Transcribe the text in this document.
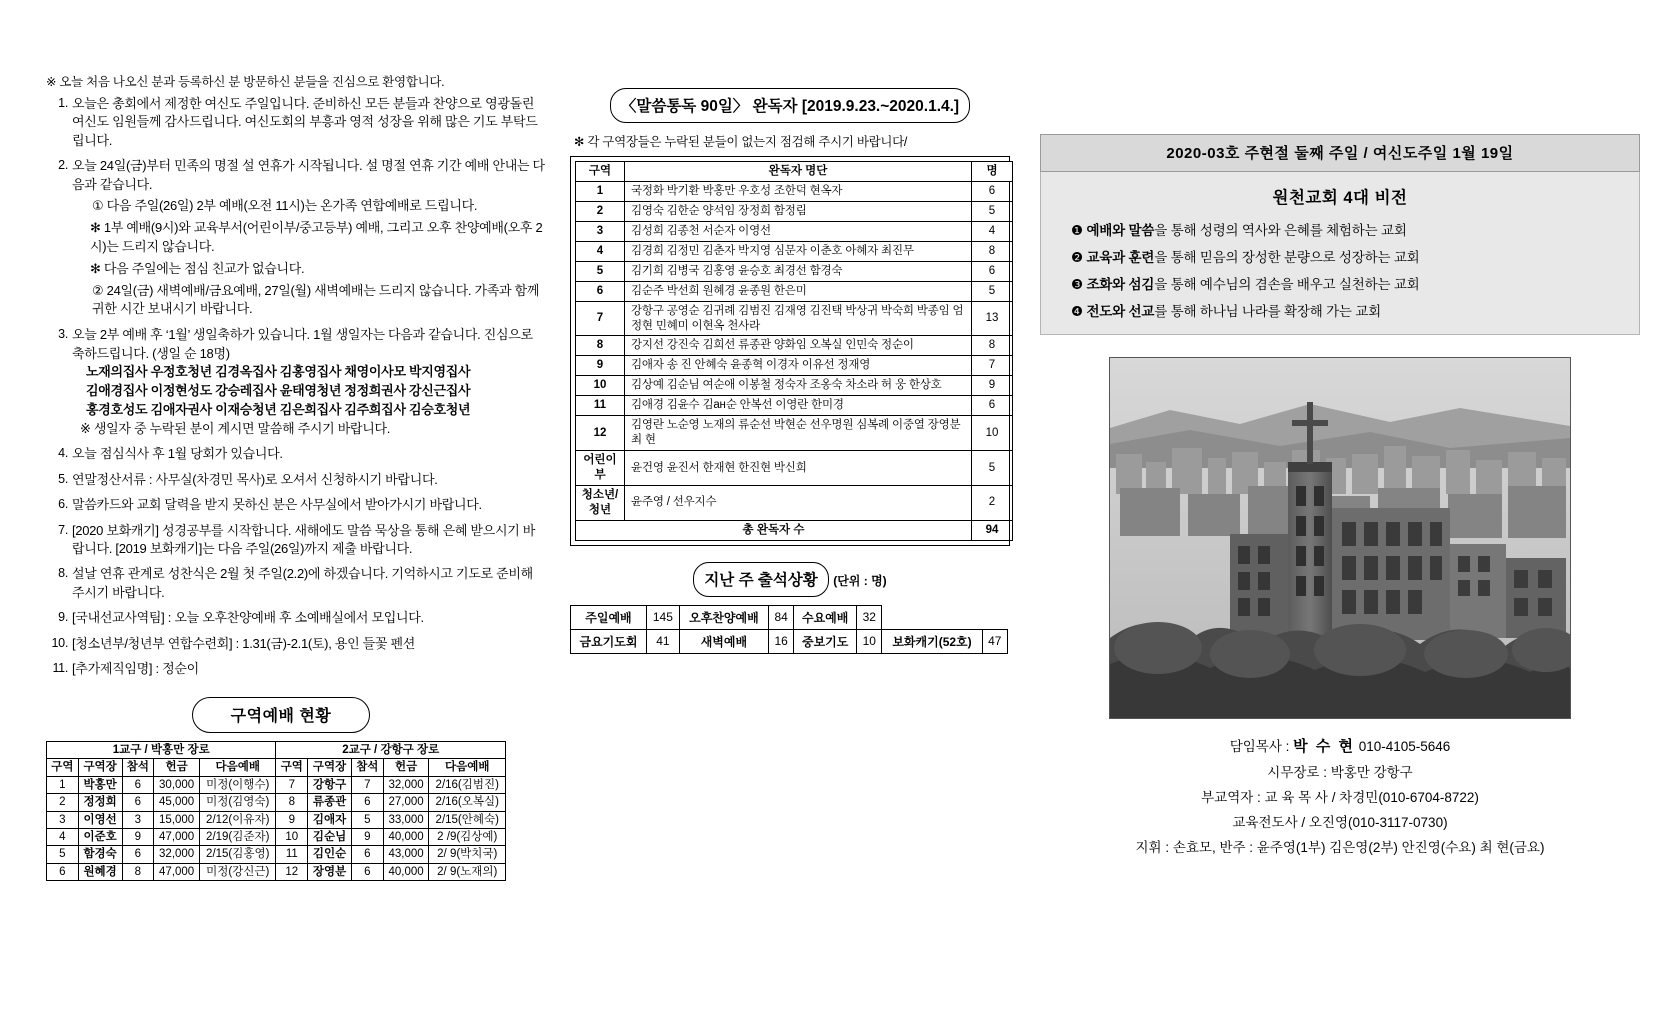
※ 오늘 처음 나오신 분과 등록하신 분 방문하신 분들을 진심으로 환영합니다.
1. 오늘은 총회에서 제정한 여신도 주일입니다. 준비하신 모든 분들과 찬양으로 영광돌린 여신도 임원들께 감사드립니다. 여신도회의 부흥과 영적 성장을 위해 많은 기도 부탁드립니다.
2. 오늘 24일(금)부터 민족의 명절 설 연휴가 시작됩니다. 설 명절 연휴 기간 예배 안내는 다음과 같습니다.
① 다음 주일(26일) 2부 예배(오전 11시)는 온가족 연합예배로 드립니다.
✻ 1부 예배(9시)와 교육부서(어린이부/중고등부) 예배, 그리고 오후 찬양예배(오후 2시)는 드리지 않습니다.
✻ 다음 주일에는 점심 친교가 없습니다.
② 24일(금) 새벽예배/금요예배, 27일(월) 새벽예배는 드리지 않습니다. 가족과 함께 귀한 시간 보내시기 바랍니다.
3. 오늘 2부 예배 후 ‘1월’ 생일축하가 있습니다. 1월 생일자는 다음과 같습니다. 진심으로 축하드립니다. (생일 순 18명)
노재의집사 우정호청년 김경옥집사 김홍영집사 채영이사모 박지영집사
김애경집사 이정현성도 강승레집사 윤태영청년 정정희권사 강신근집사
홍경호성도 김애자권사 이재승청년 김은희집사 김주희집사 김승호청년
※ 생일자 중 누락된 분이 계시면 말씀해 주시기 바랍니다.
4. 오늘 점심식사 후 1월 당회가 있습니다.
5. 연말정산서류 : 사무실(차경민 목사)로 오셔서 신청하시기 바랍니다.
6. 말씀카드와 교회 달력을 받지 못하신 분은 사무실에서 받아가시기 바랍니다.
7. [2020 보화캐기] 성경공부를 시작합니다. 새해에도 말씀 묵상을 통해 은혜 받으시기 바랍니다. [2019 보화캐기]는 다음 주일(26일)까지 제출 바랍니다.
8. 설날 연휴 관계로 성찬식은 2월 첫 주일(2.2)에 하겠습니다. 기억하시고 기도로 준비해 주시기 바랍니다.
9. [국내선교사역팀] : 오늘 오후찬양예배 후 소예배실에서 모입니다.
10. [청소년부/청년부 연합수련회] : 1.31(금)-2.1(토), 용인 들꽃 펜션
11. [추가제직임명] : 정순이
구역예배 현황
1교구 / 박홍만 장로					2교구 / 강항구 장로				
구역	구역장	참석	헌금	다음예배	구역	구역장	참석	헌금	다음예배
1	박홍만	6	30,000	미정(이행수)	7	강항구	7	32,000	2/16(김범진)
2	정정희	6	45,000	미정(김영숙)	8	류종관	6	27,000	2/16(오복실)
3	이영선	3	15,000	2/12(이유자)	9	김애자	5	33,000	2/15(안혜숙)
4	이준호	9	47,000	2/19(김준자)	10	김순님	9	40,000	2 /9(김상예)
5	함경숙	6	32,000	2/15(김홍영)	11	김인순	6	43,000	2/ 9(박치국)
6	원혜경	8	47,000	미정(강신근)	12	장영분	6	40,000	2/ 9(노재의)
〈말씀통독 90일〉 완독자 [2019.9.23.~2020.1.4.]
✻ 각 구역장들은 누락된 분들이 없는지 점검해 주시기 바랍니다/
구역	완독자 명단	명
1	국정화 박기환 박홍만 우호성 조한덕 현옥자	6
2	김영숙 김한순 양석임 장정희 함정림	5
3	김성희 김종천 서순자 이영선	4
4	김경희 김정민 김춘자 박지영 심문자 이춘호 아혜자 최진무	8
5	김기희 김병국 김홍영 윤승호 최경선 함경숙	6
6	김순주 박선희 원혜경 윤종원 한은미	5
7	강항구 공영순 김귀례 김범진 김재영 김진택 박상귀 박숙희 박종임 엄정현 민혜미 이현옥 천사라	13
8	강지선 강진숙 김희선 류종관 양화임 오복실 인민숙 정순이	8
9	김애자 송 진 안혜숙 윤종혁 이경자 이유선 정재영	7
10	김상예 김순님 여순애 이봉철 정숙자 조옹숙 차소라 허 웅 한상호	9
11	김애경 김윤수 김ан순 안복선 이영란 한미경	6
12	김영란 노순영 노재의 류순선 박현순 선우명원 심복례 이중열 장영분 최 현	10
어린이부	윤건영 윤진서 한재현 한진현 박신희	5
청소년/청년	윤주영 / 선우지수	2
총 완독자 수		94
지난 주 출석상황 (단위 : 명)
주일예배	145	오후찬양예배	84	수요예배	32		
금요기도회	41	새벽예배	16	중보기도	10	보화캐기(52호)	47
2020-03호 주현절 둘째 주일 / 여신도주일 1월 19일
원천교회 4대 비전
❶ 예배와 말씀을 통해 성령의 역사와 은혜를 체험하는 교회
❷ 교육과 훈련을 통해 믿음의 장성한 분량으로 성장하는 교회
❸ 조화와 섬김을 통해 예수님의 겸손을 배우고 실천하는 교회
❹ 전도와 선교를 통해 하나님 나라를 확장해 가는 교회
담임목사 : 박 수 현 010-4105-5646
시무장로 : 박홍만 강항구
부교역자 : 교 육 목 사 / 차경민(010-6704-8722)
교육전도사 / 오진영(010-3117-0730)
지휘 : 손효모, 반주 : 윤주영(1부) 김은영(2부) 안진영(수요) 최 현(금요)
